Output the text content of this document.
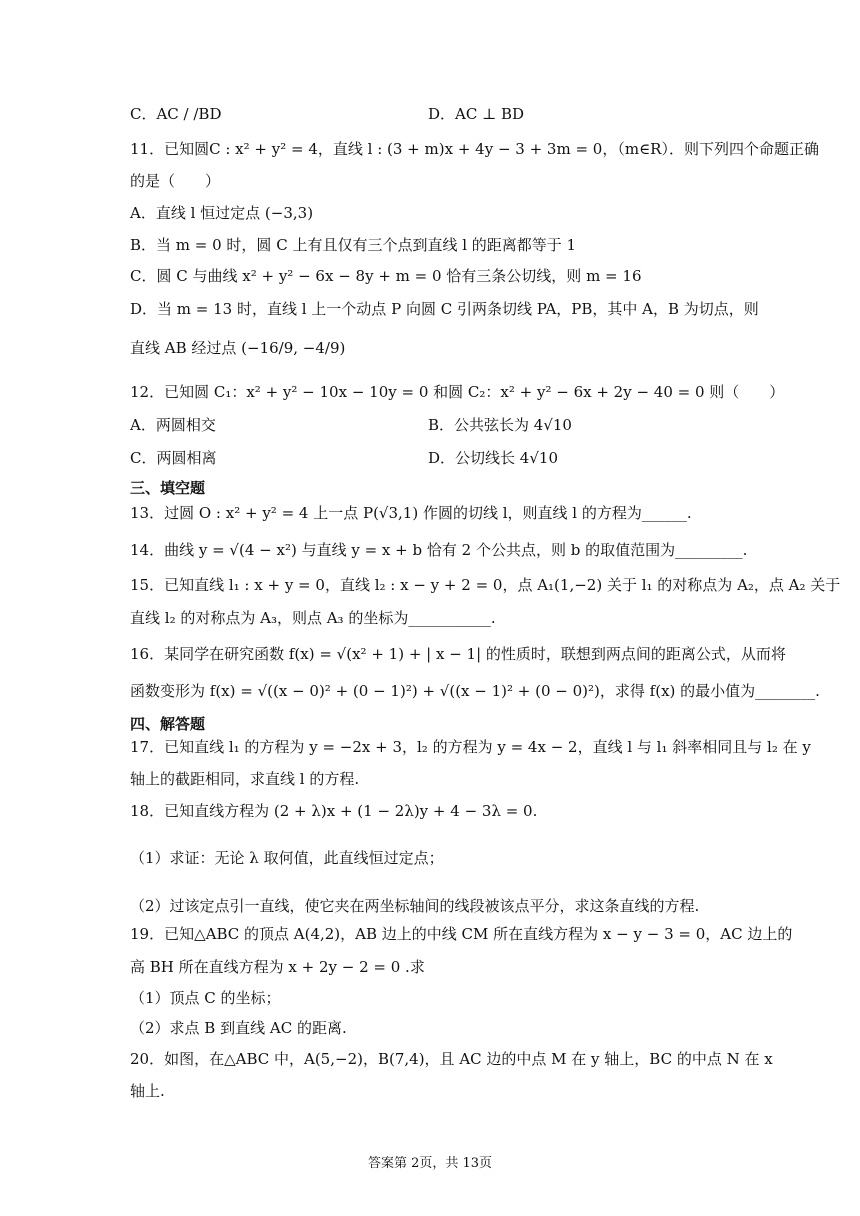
C．AC / /BD	D．AC ⊥ BD
11．已知圆C : x² + y² = 4，直线 l : (3 + m)x + 4y − 3 + 3m = 0，（m∈R）．则下列四个命题正确
的是（　　）
A．直线 l 恒过定点 (−3,3)
B．当 m = 0 时，圆 C 上有且仅有三个点到直线 l 的距离都等于 1
C．圆 C 与曲线 x² + y² − 6x − 8y + m = 0 恰有三条公切线，则 m = 16
D．当 m = 13 时，直线 l 上一个动点 P 向圆 C 引两条切线 PA，PB，其中 A，B 为切点，则
直线 AB 经过点 (−16/9, −4/9)
12．已知圆 C₁：x² + y² − 10x − 10y = 0 和圆 C₂：x² + y² − 6x + 2y − 40 = 0 则（　　）
A．两圆相交	B．公共弦长为 4√10
C．两圆相离	D．公切线长 4√10
三、填空题
13．过圆 O : x² + y² = 4 上一点 P(√3,1) 作圆的切线 l，则直线 l 的方程为______.
14．曲线 y = √(4 − x²) 与直线 y = x + b 恰有 2 个公共点，则 b 的取值范围为_________.
15．已知直线 l₁ : x + y = 0，直线 l₂ : x − y + 2 = 0，点 A₁(1,−2) 关于 l₁ 的对称点为 A₂，点 A₂ 关于
直线 l₂ 的对称点为 A₃，则点 A₃ 的坐标为___________.
16．某同学在研究函数 f(x) = √(x² + 1) + | x − 1| 的性质时，联想到两点间的距离公式，从而将
函数变形为 f(x) = √((x − 0)² + (0 − 1)²) + √((x − 1)² + (0 − 0)²)，求得 f(x) 的最小值为________.
四、解答题
17．已知直线 l₁ 的方程为 y = −2x + 3，l₂ 的方程为 y = 4x − 2，直线 l 与 l₁ 斜率相同且与 l₂ 在 y
轴上的截距相同，求直线 l 的方程.
18．已知直线方程为 (2 + λ)x + (1 − 2λ)y + 4 − 3λ = 0.
（1）求证：无论 λ 取何值，此直线恒过定点；
（2）过该定点引一直线，使它夹在两坐标轴间的线段被该点平分，求这条直线的方程.
19．已知△ABC 的顶点 A(4,2)，AB 边上的中线 CM 所在直线方程为 x − y − 3 = 0，AC 边上的
高 BH 所在直线方程为 x + 2y − 2 = 0 .求
（1）顶点 C 的坐标；
（2）求点 B 到直线 AC 的距离.
20．如图，在△ABC 中，A(5,−2)，B(7,4)，且 AC 边的中点 M 在 y 轴上，BC 的中点 N 在 x
轴上.
答案第 2页，共 13页
